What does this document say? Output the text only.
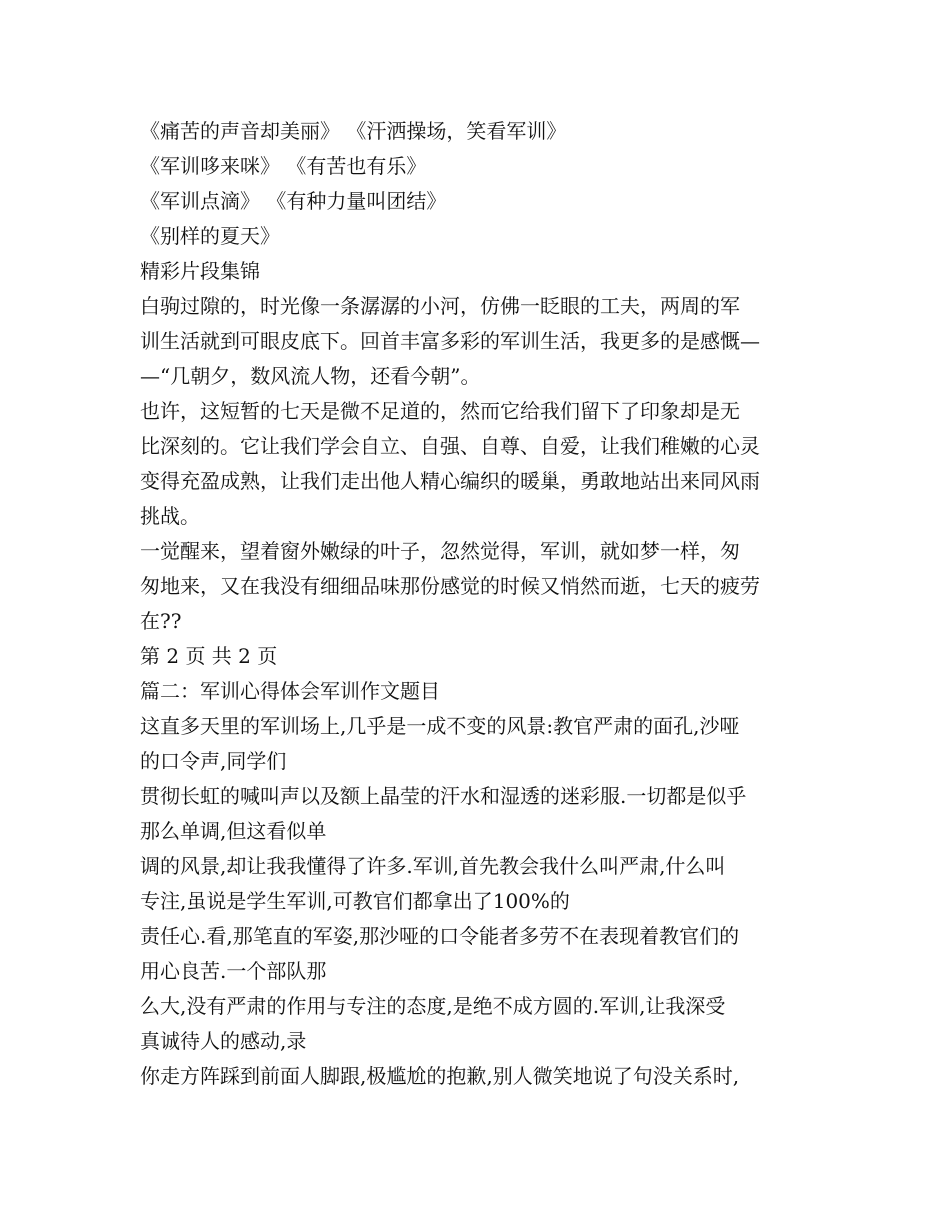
《痛苦的声音却美丽》 《汗洒操场，笑看军训》
《军训哆来咪》 《有苦也有乐》
《军训点滴》 《有种力量叫团结》
《别样的夏天》
精彩片段集锦
白驹过隙的，时光像一条潺潺的小河，仿佛一眨眼的工夫，两周的军
训生活就到可眼皮底下。回首丰富多彩的军训生活，我更多的是感慨—
—“几朝夕，数风流人物，还看今朝”。
也许，这短暂的七天是微不足道的，然而它给我们留下了印象却是无
比深刻的。它让我们学会自立、自强、自尊、自爱，让我们稚嫩的心灵
变得充盈成熟，让我们走出他人精心编织的暖巢，勇敢地站出来同风雨
挑战。
一觉醒来，望着窗外嫩绿的叶子，忽然觉得，军训，就如梦一样，匆
匆地来，又在我没有细细品味那份感觉的时候又悄然而逝，七天的疲劳
在??
第 2 页 共 2 页
篇二：军训心得体会军训作文题目
这直多天里的军训场上,几乎是一成不变的风景:教官严肃的面孔,沙哑
的口令声,同学们
贯彻长虹的喊叫声以及额上晶莹的汗水和湿透的迷彩服.一切都是似乎
那么单调,但这看似单
调的风景,却让我我懂得了许多.军训,首先教会我什么叫严肃,什么叫
专注,虽说是学生军训,可教官们都拿出了100%的
责任心.看,那笔直的军姿,那沙哑的口令能者多劳不在表现着教官们的
用心良苦.一个部队那
么大,没有严肃的作用与专注的态度,是绝不成方圆的.军训,让我深受
真诚待人的感动,录
你走方阵踩到前面人脚跟,极尴尬的抱歉,别人微笑地说了句没关系时,
